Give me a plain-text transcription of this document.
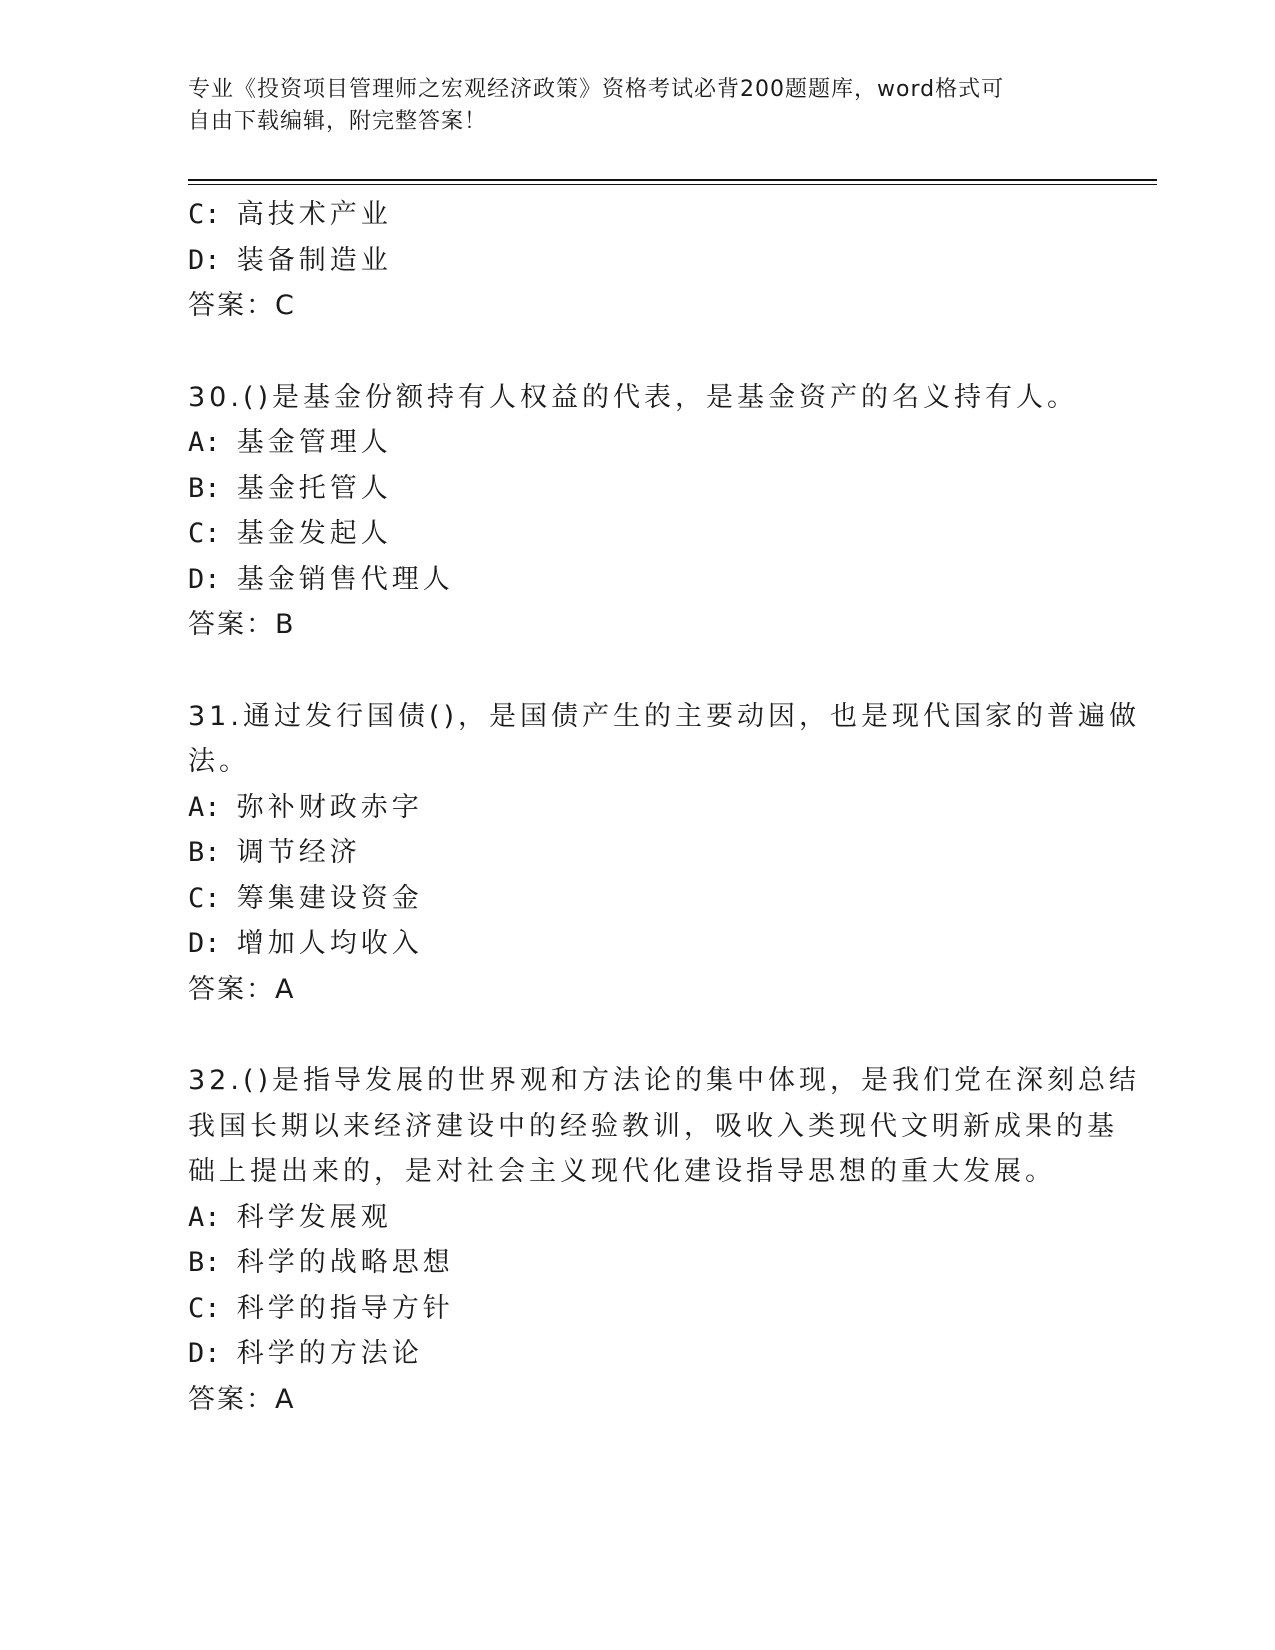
专业《投资项目管理师之宏观经济政策》资格考试必背200题题库，word格式可
自由下载编辑，附完整答案！
C: 高技术产业
D: 装备制造业
答案：C
30.()是基金份额持有人权益的代表，是基金资产的名义持有人。
A: 基金管理人
B: 基金托管人
C: 基金发起人
D: 基金销售代理人
答案：B
31.通过发行国债()，是国债产生的主要动因，也是现代国家的普遍做
法。
A: 弥补财政赤字
B: 调节经济
C: 筹集建设资金
D: 增加人均收入
答案：A
32.()是指导发展的世界观和方法论的集中体现，是我们党在深刻总结
我国长期以来经济建设中的经验教训，吸收入类现代文明新成果的基
础上提出来的，是对社会主义现代化建设指导思想的重大发展。
A: 科学发展观
B: 科学的战略思想
C: 科学的指导方针
D: 科学的方法论
答案：A
